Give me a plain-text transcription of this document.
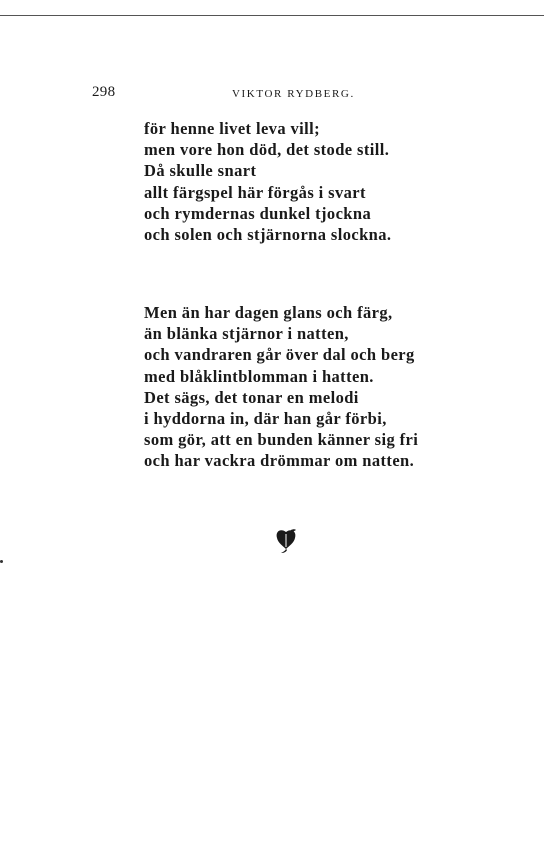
298	VIKTOR RYDBERG.
för henne livet leva vill;
men vore hon död, det stode still.
Då skulle snart
allt färgspel här förgås i svart
och rymdernas dunkel tjockna
och solen och stjärnorna slockna.
Men än har dagen glans och färg,
än blänka stjärnor i natten,
och vandraren går över dal och berg
med blåklintblomman i hatten.
Det sägs, det tonar en melodi
i hyddorna in, där han går förbi,
som gör, att en bunden känner sig fri
och har vackra drömmar om natten.
